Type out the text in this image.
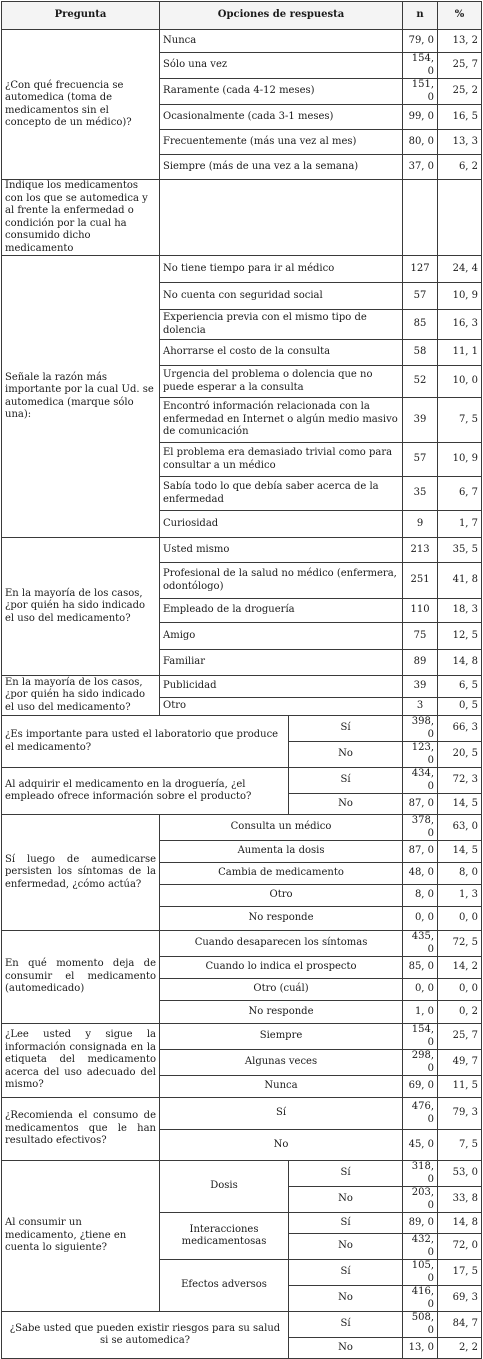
Pregunta	Opciones de respuesta		n	%
¿Con qué frecuencia se automedica (toma de medicamentos sin el concepto de un médico)?	Nunca		79, 0	13, 2
	Sólo una vez		154, 0	25, 7
	Raramente (cada 4-12 meses)		151, 0	25, 2
	Ocasionalmente (cada 3-1 meses)		99, 0	16, 5
	Frecuentemente (más una vez al mes)		80, 0	13, 3
	Siempre (más de una vez a la semana)		37, 0	6, 2
Indique los medicamentos con los que se automedica y al frente la enfermedad o condición por la cual ha consumido dicho medicamento				
Señale la razón más importante por la cual Ud. se automedica (marque sólo una):	No tiene tiempo para ir al médico		127	24, 4
	No cuenta con seguridad social		57	10, 9
	Experiencia previa con el mismo tipo de dolencia		85	16, 3
	Ahorrarse el costo de la consulta		58	11, 1
	Urgencia del problema o dolencia que no puede esperar a la consulta		52	10, 0
	Encontró información relacionada con la enfermedad en Internet o algún medio masivo de comunicación		39	7, 5
	El problema era demasiado trivial como para consultar a un médico		57	10, 9
	Sabía todo lo que debía saber acerca de la enfermedad		35	6, 7
	Curiosidad		9	1, 7
En la mayoría de los casos, ¿por quién ha sido indicado el uso del medicamento?	Usted mismo		213	35, 5
	Profesional de la salud no médico (enfermera, odontólogo)		251	41, 8
	Empleado de la droguería		110	18, 3
	Amigo		75	12, 5
	Familiar		89	14, 8
En la mayoría de los casos, ¿por quién ha sido indicado el uso del medicamento?	Publicidad		39	6, 5
	Otro		3	0, 5
¿Es importante para usted el laboratorio que produce el medicamento?		Sí	398, 0	66, 3
		No	123, 0	20, 5
Al adquirir el medicamento en la droguería, ¿el empleado ofrece información sobre el producto?		Sí	434, 0	72, 3
		No	87, 0	14, 5
Sí luego de aumedicarse persisten los síntomas de la enfermedad, ¿cómo actúa?	Consulta un médico		378, 0	63, 0
	Aumenta la dosis		87, 0	14, 5
	Cambia de medicamento		48, 0	8, 0
	Otro		8, 0	1, 3
	No responde		0, 0	0, 0
En qué momento deja de consumir el medicamento (automedicado)	Cuando desaparecen los síntomas		435, 0	72, 5
	Cuando lo indica el prospecto		85, 0	14, 2
	Otro (cuál)		0, 0	0, 0
	No responde		1, 0	0, 2
¿Lee usted y sigue la información consignada en la etiqueta del medicamento acerca del uso adecuado del mismo?	Siempre		154, 0	25, 7
	Algunas veces		298, 0	49, 7
	Nunca		69, 0	11, 5
¿Recomienda el consumo de medicamentos que le han resultado efectivos?	Sí		476, 0	79, 3
	No		45, 0	7, 5
Al consumir un medicamento, ¿tiene en cuenta lo siguiente?	Dosis	Sí	318, 0	53, 0
		No	203, 0	33, 8
	Interacciones medicamentosas	Sí	89, 0	14, 8
		No	432, 0	72, 0
	Efectos adversos	Sí	105, 0	17, 5
		No	416, 0	69, 3
¿Sabe usted que pueden existir riesgos para su salud si se automedica?		Sí	508, 0	84, 7
		No	13, 0	2, 2
